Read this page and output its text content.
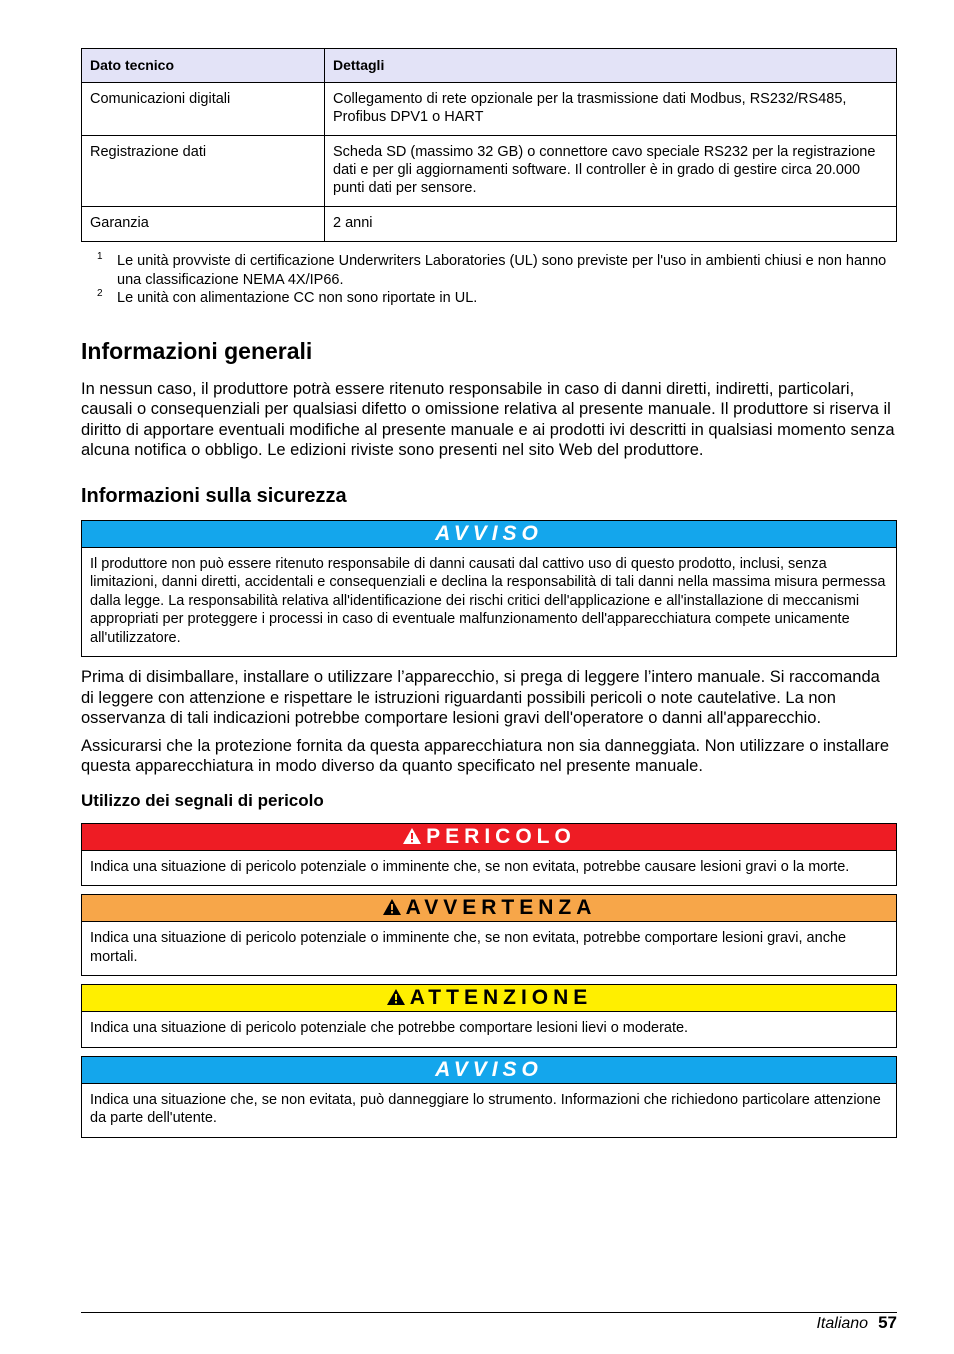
Dato tecnico	Dettagli
Comunicazioni digitali	Collegamento di rete opzionale per la trasmissione dati Modbus, RS232/RS485, Profibus DPV1 o HART
Registrazione dati	Scheda SD (massimo 32 GB) o connettore cavo speciale RS232 per la registrazione dati e per gli aggiornamenti software. Il controller è in grado di gestire circa 20.000 punti dati per sensore.
Garanzia	2 anni
1 Le unità provviste di certificazione Underwriters Laboratories (UL) sono previste per l'uso in ambienti chiusi e non hanno una classificazione NEMA 4X/IP66.
2 Le unità con alimentazione CC non sono riportate in UL.
Informazioni generali

In nessun caso, il produttore potrà essere ritenuto responsabile in caso di danni diretti, indiretti, particolari, causali o consequenziali per qualsiasi difetto o omissione relativa al presente manuale. Il produttore si riserva il diritto di apportare eventuali modifiche al presente manuale e ai prodotti ivi descritti in qualsiasi momento senza alcuna notifica o obbligo. Le edizioni riviste sono presenti nel sito Web del produttore.

Informazioni sulla sicurezza
AVVISO
Il produttore non può essere ritenuto responsabile di danni causati dal cattivo uso di questo prodotto, inclusi, senza limitazioni, danni diretti, accidentali e consequenziali e declina la responsabilità di tali danni nella massima misura permessa dalla legge. La responsabilità relativa all'identificazione dei rischi critici dell'applicazione e all'installazione di meccanismi appropriati per proteggere i processi in caso di eventuale malfunzionamento dell'apparecchiatura compete unicamente all'utilizzatore.

Prima di disimballare, installare o utilizzare l’apparecchio, si prega di leggere l’intero manuale. Si raccomanda di leggere con attenzione e rispettare le istruzioni riguardanti possibili pericoli o note cautelative. La non osservanza di tali indicazioni potrebbe comportare lesioni gravi dell'operatore o danni all'apparecchio.

Assicurarsi che la protezione fornita da questa apparecchiatura non sia danneggiata. Non utilizzare o installare questa apparecchiatura in modo diverso da quanto specificato nel presente manuale.

Utilizzo dei segnali di pericolo
PERICOLO
Indica una situazione di pericolo potenziale o imminente che, se non evitata, potrebbe causare lesioni gravi o la morte.
AVVERTENZA
Indica una situazione di pericolo potenziale o imminente che, se non evitata, potrebbe comportare lesioni gravi, anche mortali.
ATTENZIONE
Indica una situazione di pericolo potenziale che potrebbe comportare lesioni lievi o moderate.
AVVISO
Indica una situazione che, se non evitata, può danneggiare lo strumento. Informazioni che richiedono particolare attenzione da parte dell'utente.
Italiano 57
